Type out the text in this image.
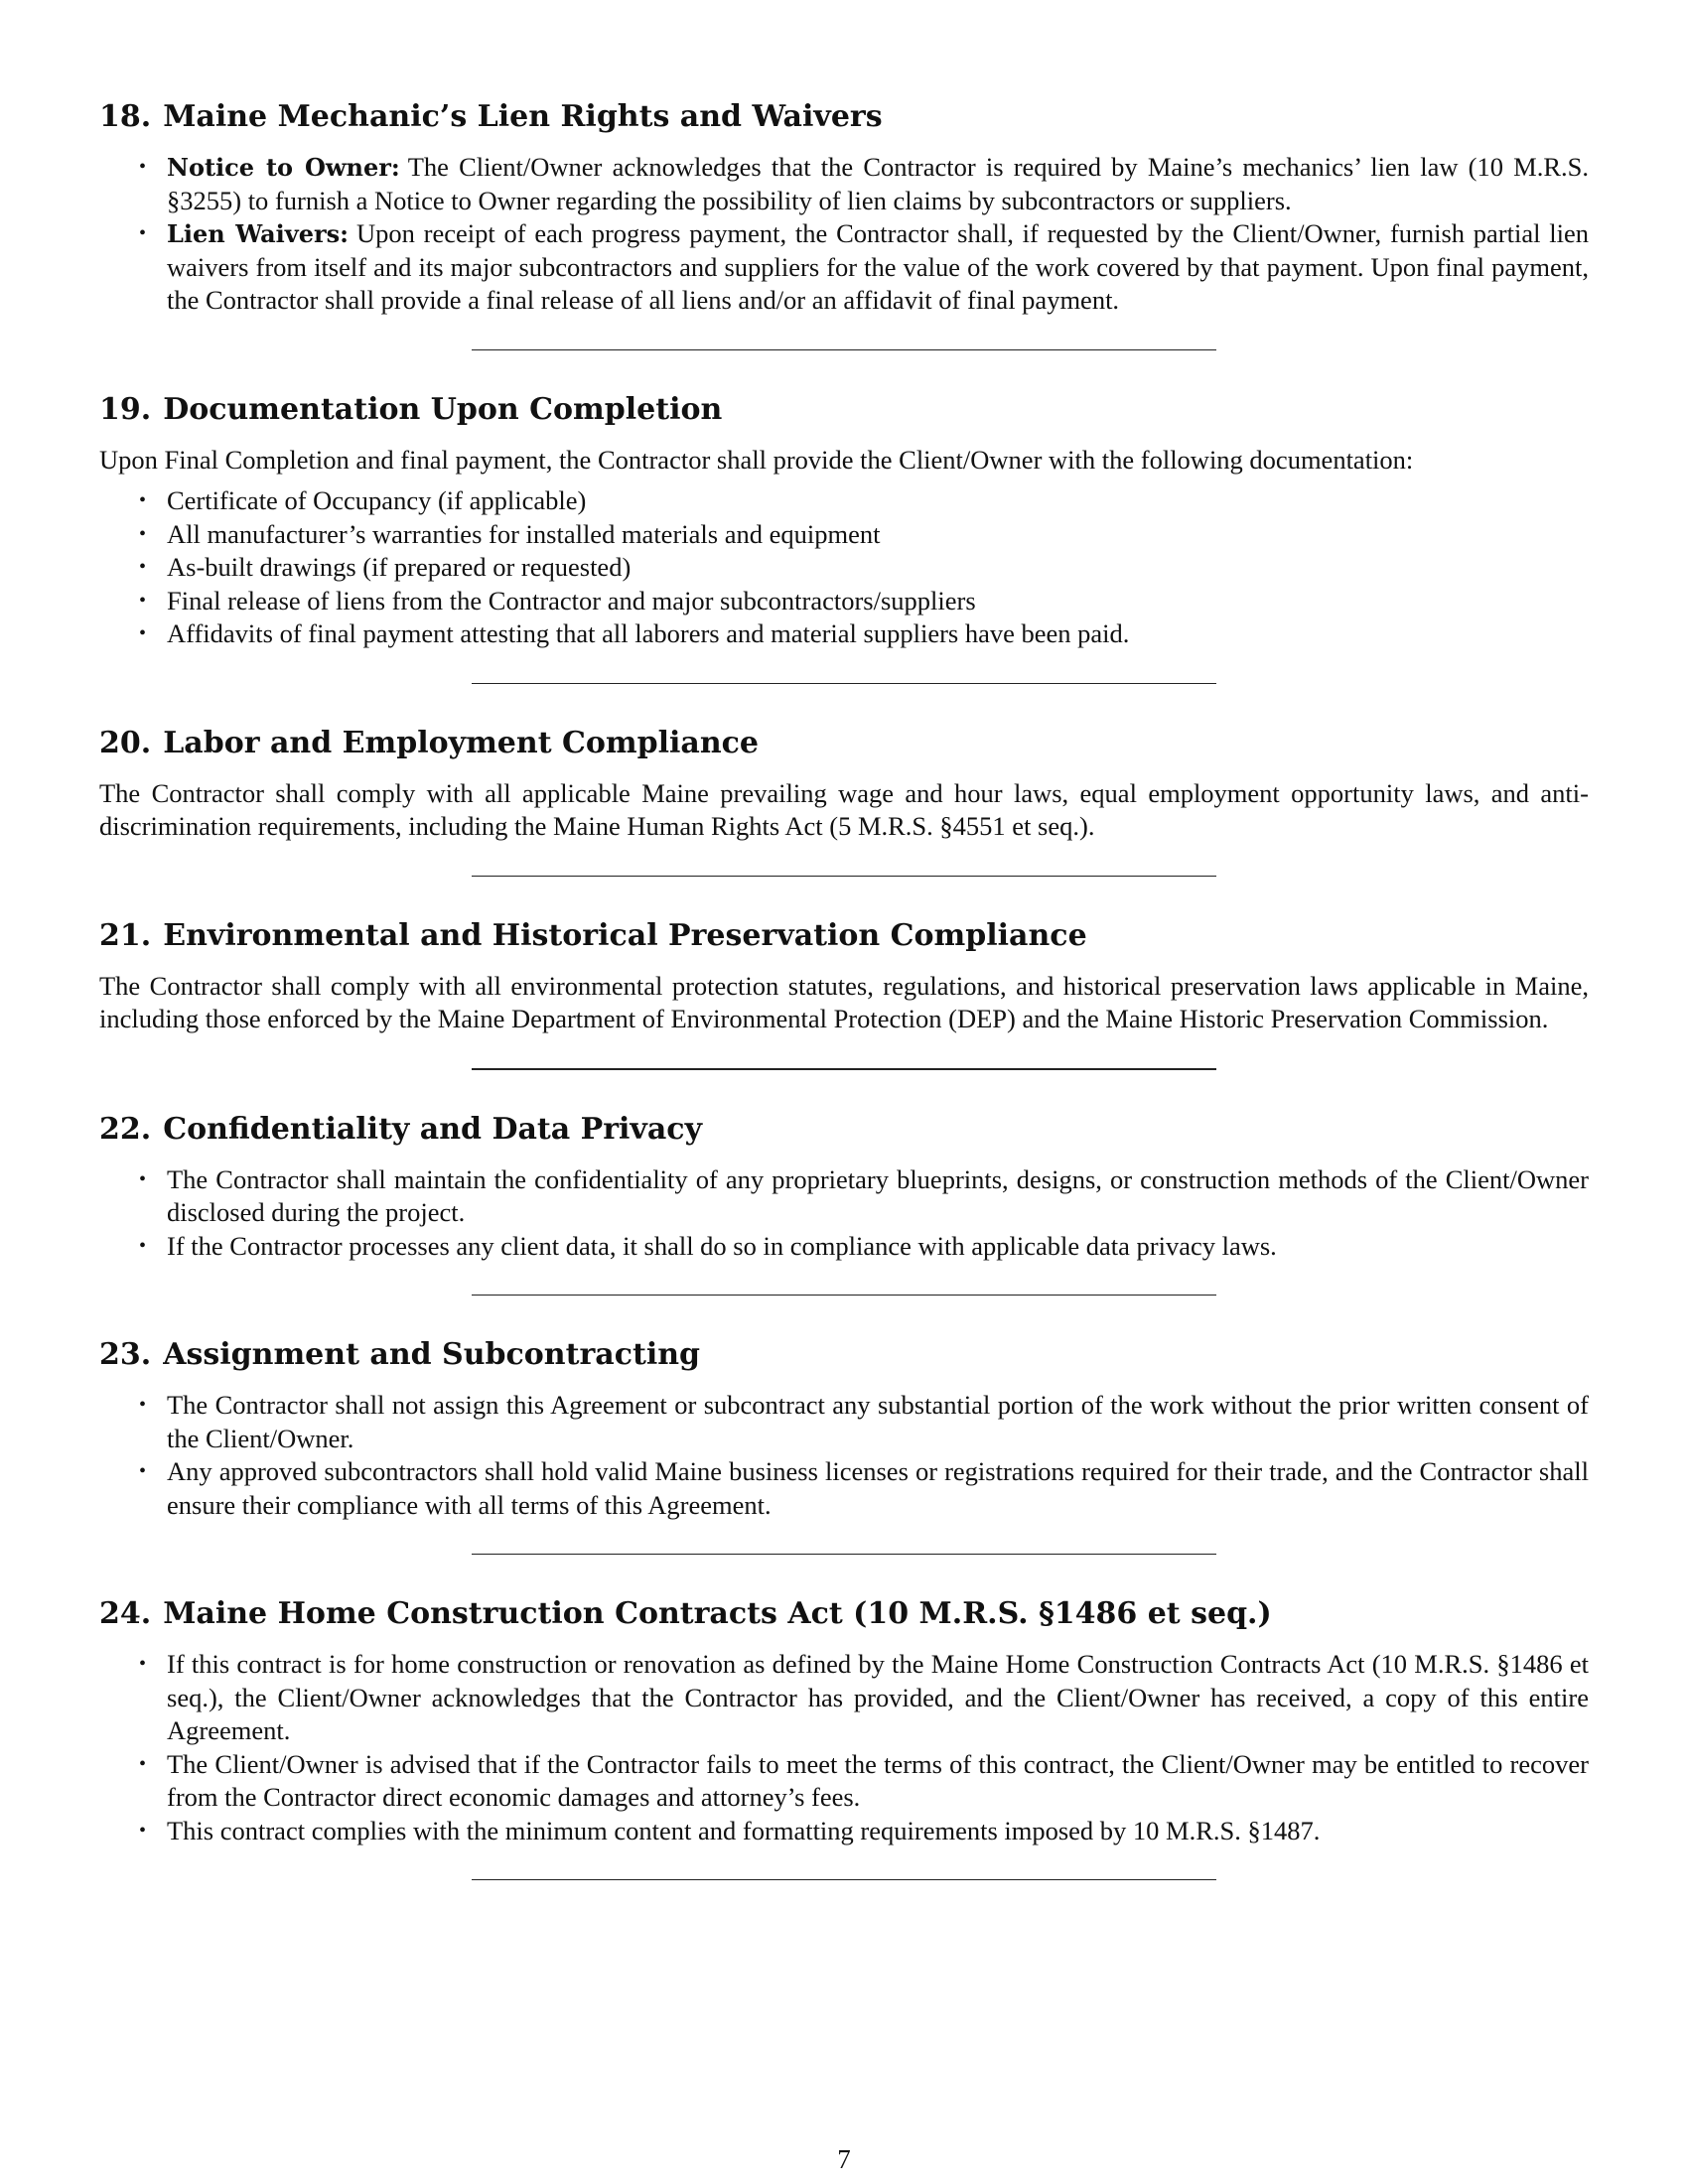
18. Maine Mechanic’s Lien Rights and Waivers
• Notice to Owner: The Client/Owner acknowledges that the Contractor is required by Maine’s mechanics’ lien law (10 M.R.S. §3255) to furnish a Notice to Owner regarding the possibility of lien claims by subcontractors or suppliers.
• Lien Waivers: Upon receipt of each progress payment, the Contractor shall, if requested by the Client/Owner, furnish partial lien waivers from itself and its major subcontractors and suppliers for the value of the work covered by that payment. Upon final payment, the Contractor shall provide a final release of all liens and/or an affidavit of final payment.
19. Documentation Upon Completion

Upon Final Completion and final payment, the Contractor shall provide the Client/Owner with the following documentation:

• Certificate of Occupancy (if applicable)
• All manufacturer’s warranties for installed materials and equipment
• As-built drawings (if prepared or requested)
• Final release of liens from the Contractor and major subcontractors/suppliers
• Affidavits of final payment attesting that all laborers and material suppliers have been paid.
20. Labor and Employment Compliance

The Contractor shall comply with all applicable Maine prevailing wage and hour laws, equal employment opportunity laws, and anti-discrimination requirements, including the Maine Human Rights Act (5 M.R.S. §4551 et seq.).

21. Environmental and Historical Preservation Compliance

The Contractor shall comply with all environmental protection statutes, regulations, and historical preservation laws applicable in Maine, including those enforced by the Maine Department of Environmental Protection (DEP) and the Maine Historic Preservation Commission.

22. Confidentiality and Data Privacy
• The Contractor shall maintain the confidentiality of any proprietary blueprints, designs, or construction methods of the Client/Owner disclosed during the project.
• If the Contractor processes any client data, it shall do so in compliance with applicable data privacy laws.
23. Assignment and Subcontracting
• The Contractor shall not assign this Agreement or subcontract any substantial portion of the work without the prior written consent of the Client/Owner.
• Any approved subcontractors shall hold valid Maine business licenses or registrations required for their trade, and the Contractor shall ensure their compliance with all terms of this Agreement.
24. Maine Home Construction Contracts Act (10 M.R.S. §1486 et seq.)
• If this contract is for home construction or renovation as defined by the Maine Home Construction Contracts Act (10 M.R.S. §1486 et seq.), the Client/Owner acknowledges that the Contractor has provided, and the Client/Owner has received, a copy of this entire Agreement.
• The Client/Owner is advised that if the Contractor fails to meet the terms of this contract, the Client/Owner may be entitled to recover from the Contractor direct economic damages and attorney’s fees.
• This contract complies with the minimum content and formatting requirements imposed by 10 M.R.S. §1487.
7
